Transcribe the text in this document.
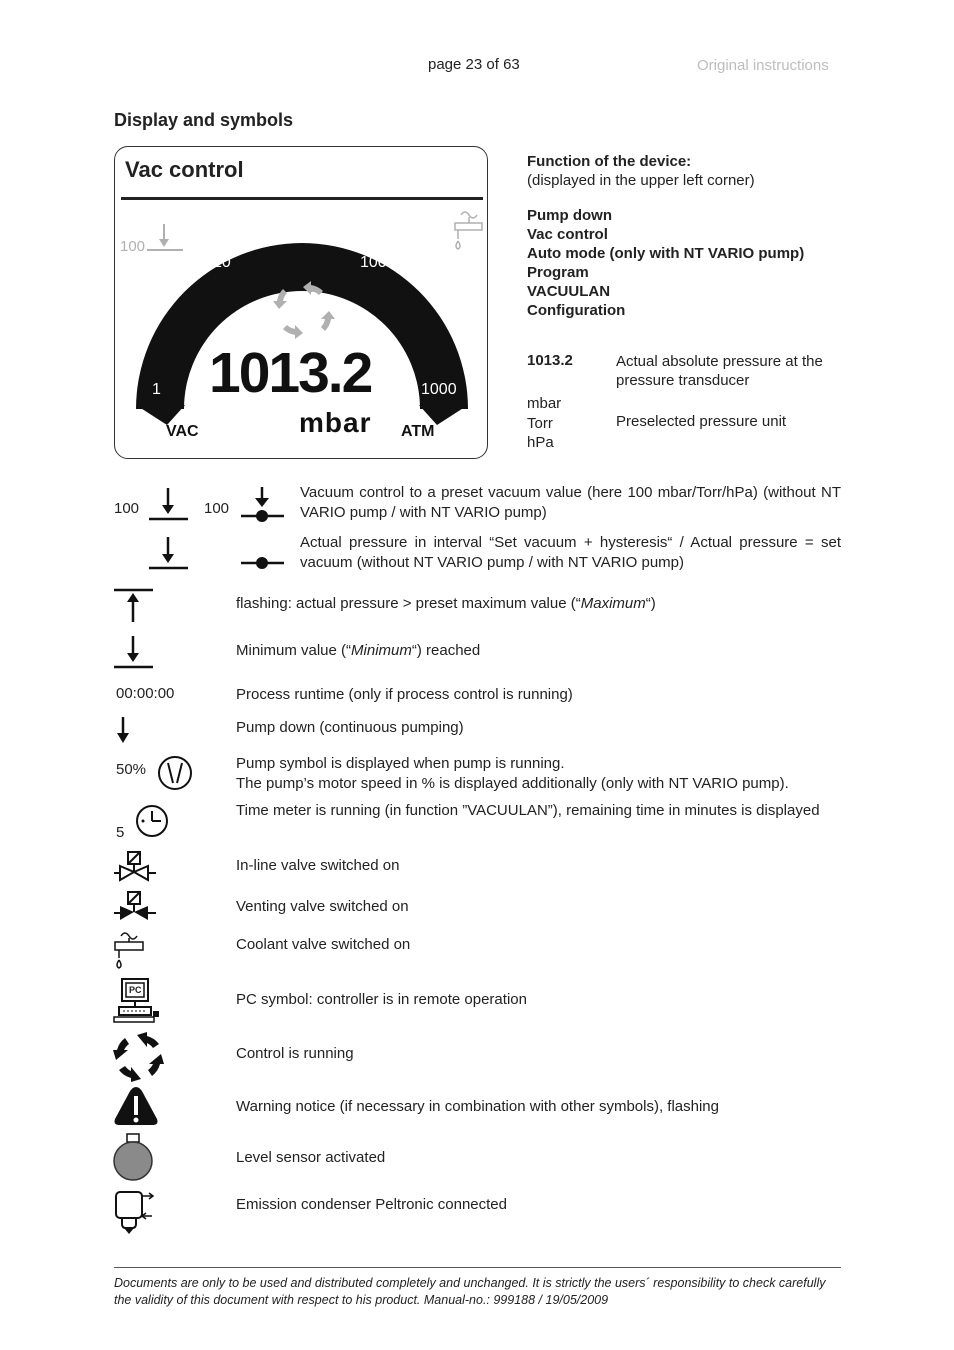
page 23 of 63	Original instructions
Display and symbols
Vac control
100
10	100
1	1000
1013.2
mbar
VAC	ATM
Function of the device:
(displayed in the upper left corner)
Pump down
Vac control
Auto mode (only with NT VARIO pump)
Program
VACUULAN
Configuration
1013.2	Actual absolute pressure at the pressure transducer
mbar
Torr
hPa
Preselected pressure unit
100	100
Vacuum control to a preset vacuum value (here 100 mbar/Torr/hPa) (without NT VARIO pump / with NT VARIO pump)
Actual pressure in interval “Set vacuum + hysteresis“ / Actual pressure = set vacuum (without NT VARIO pump / with NT VARIO pump)
flashing: actual pressure > preset maximum value (“Maximum“)
Minimum value (“Minimum“) reached
00:00:00	Process runtime (only if process control is running)
Pump down (continuous pumping)
50%	Pump symbol is displayed when pump is running.
The pump’s motor speed in % is displayed additionally (only with NT VARIO pump).
5
Time meter is running (in function ”VACUULAN”), remaining time in minutes is displayed
In-line valve switched on
Venting valve switched on
Coolant valve switched on
PC
PC symbol: controller is in remote operation
Control is running
Warning notice (if necessary in combination with other symbols), flashing
Level sensor activated
Emission condenser Peltronic connected
Documents are only to be used and distributed completely and unchanged. It is strictly the users´ responsibility to check carefully the validity of this document with respect to his product. Manual-no.: 999188 / 19/05/2009
